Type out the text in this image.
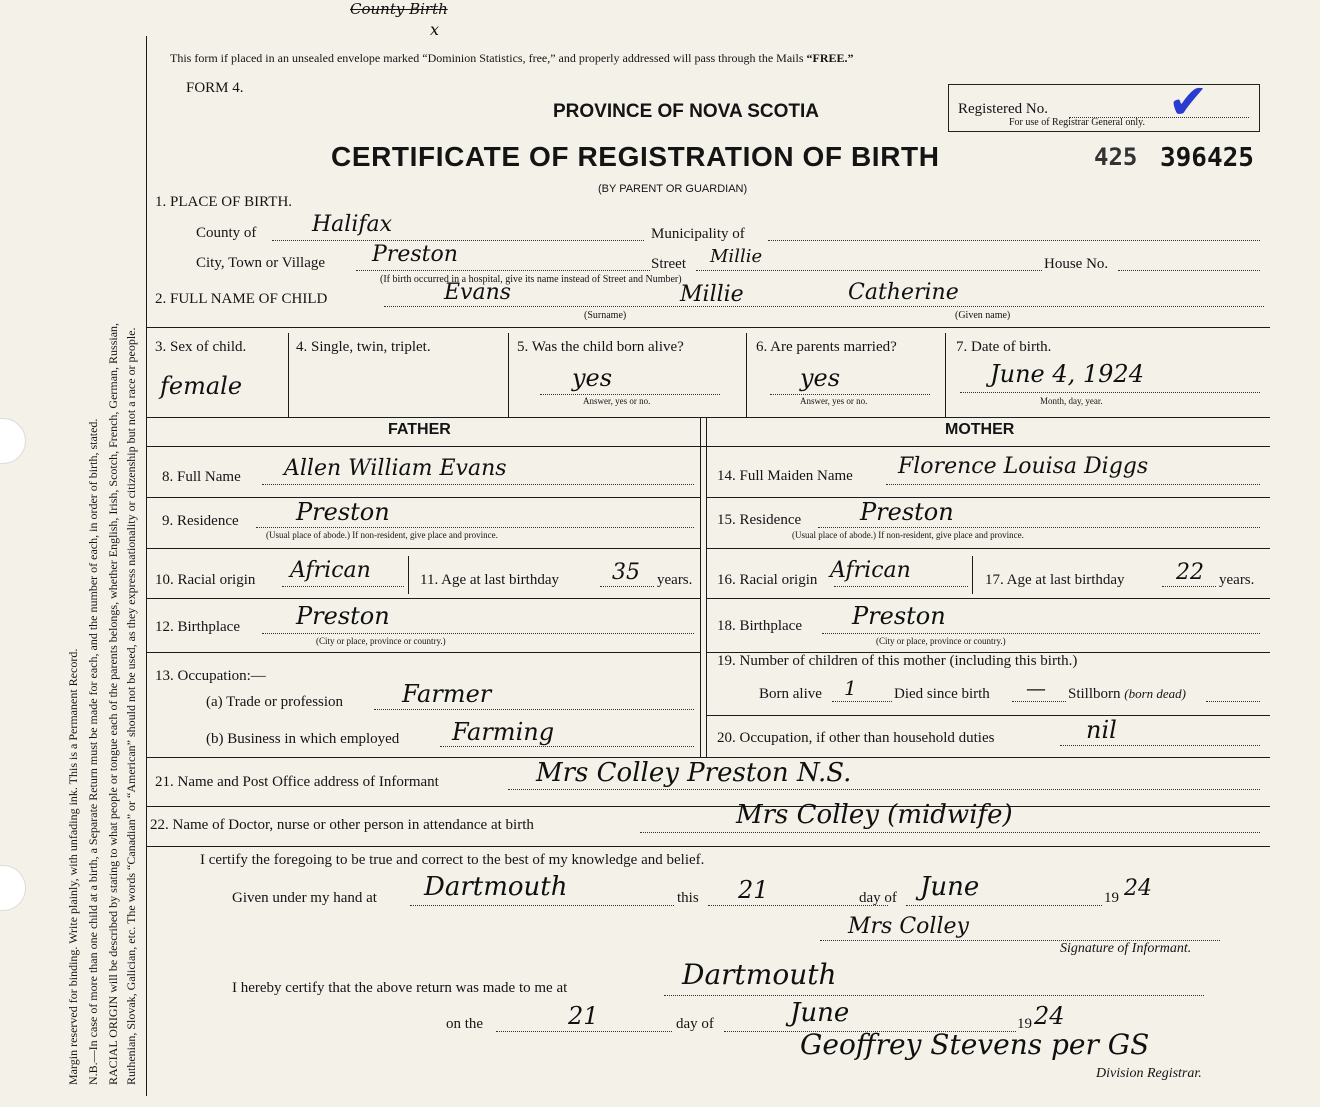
Margin reserved for binding. Write plainly, with unfading ink. This is a Permanent Record. N.B.—In case of more than one child at a birth, a Separate Return must be made for each, and the number of each, in order of birth, stated. RACIAL ORIGIN will be described by stating to what people or tongue each of the parents belongs, whether English, Irish, Scotch, French, German, Russian, Ruthenian, Slovak, Galician, etc. The words “Canadian” or “American” should not be used, as they express nationality or citizenship but not a race or people.
County Birth
x
This form if placed in an unsealed envelope marked “Dominion Statistics, free,” and properly addressed will pass through the Mails “FREE.”
FORM 4.
PROVINCE OF NOVA SCOTIA
CERTIFICATE OF REGISTRATION OF BIRTH
(BY PARENT OR GUARDIAN)
Registered No.
For use of Registrar General only. ✔
425 396425
1. PLACE OF BIRTH.
County of	Halifax	Municipality of
City, Town or Village Preston	Street Millie	House No.
(If birth occurred in a hospital, give its name instead of Street and Number)
2. FULL NAME OF CHILD	Evans	Millie	Catherine
(Surname)	(Given name)
3. Sex of child.
female
4. Single, twin, triplet.	5. Was the child born alive?
yes
Answer, yes or no.
6. Are parents married?
yes
Answer, yes or no.
7. Date of birth.
June 4, 1924
Month, day, year.
FATHER	MOTHER
8. Full Name Allen William Evans
9. Residence Preston
(Usual place of abode.) If non-resident, give place and province.
10. Racial origin African	11. Age at last birthday 35 years.
12. Birthplace Preston
(City or place, province or country.)
13. Occupation:—
(a) Trade or profession Farmer
(b) Business in which employed Farming
14. Full Maiden Name Florence Louisa Diggs
15. Residence Preston
(Usual place of abode.) If non-resident, give place and province.
16. Racial origin African	17. Age at last birthday 22 years.
18. Birthplace Preston
(City or place, province or country.)
19. Number of children of this mother (including this birth.)
Born alive 1 Died since birth — Stillborn (born dead)
20. Occupation, if other than household duties	nil
21. Name and Post Office address of Informant	Mrs Colley Preston N.S.
22. Name of Doctor, nurse or other person in attendance at birth	Mrs Colley (midwife)
I certify the foregoing to be true and correct to the best of my knowledge and belief.
Given under my hand at Dartmouth	this 21	day of June	19 24
Mrs Colley
Signature of Informant.
I hereby certify that the above return was made to me at	Dartmouth
on the	21	day of	June	19 24
Geoffrey Stevens per GS
Division Registrar.
